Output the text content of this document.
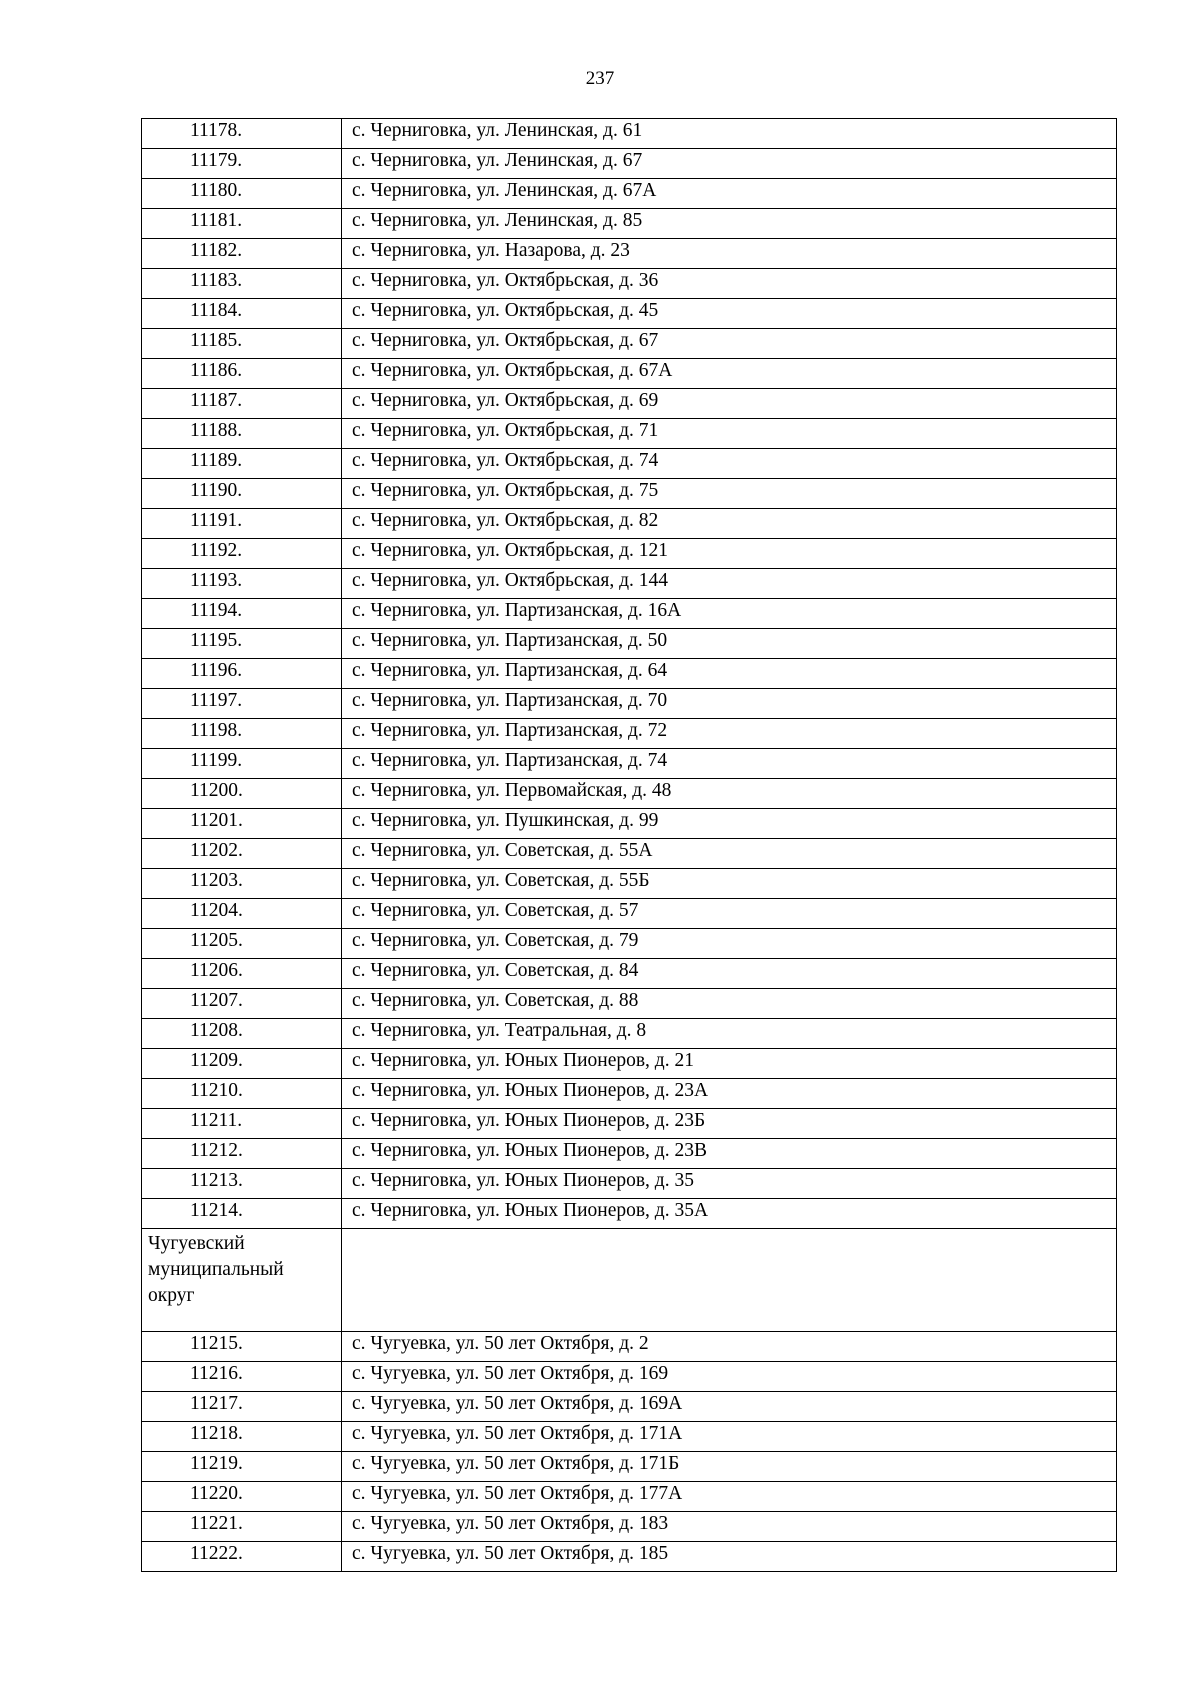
237
11178.	с. Черниговка, ул. Ленинская, д. 61
11179.	с. Черниговка, ул. Ленинская, д. 67
11180.	с. Черниговка, ул. Ленинская, д. 67А
11181.	с. Черниговка, ул. Ленинская, д. 85
11182.	с. Черниговка, ул. Назарова, д. 23
11183.	с. Черниговка, ул. Октябрьская, д. 36
11184.	с. Черниговка, ул. Октябрьская, д. 45
11185.	с. Черниговка, ул. Октябрьская, д. 67
11186.	с. Черниговка, ул. Октябрьская, д. 67А
11187.	с. Черниговка, ул. Октябрьская, д. 69
11188.	с. Черниговка, ул. Октябрьская, д. 71
11189.	с. Черниговка, ул. Октябрьская, д. 74
11190.	с. Черниговка, ул. Октябрьская, д. 75
11191.	с. Черниговка, ул. Октябрьская, д. 82
11192.	с. Черниговка, ул. Октябрьская, д. 121
11193.	с. Черниговка, ул. Октябрьская, д. 144
11194.	с. Черниговка, ул. Партизанская, д. 16А
11195.	с. Черниговка, ул. Партизанская, д. 50
11196.	с. Черниговка, ул. Партизанская, д. 64
11197.	с. Черниговка, ул. Партизанская, д. 70
11198.	с. Черниговка, ул. Партизанская, д. 72
11199.	с. Черниговка, ул. Партизанская, д. 74
11200.	с. Черниговка, ул. Первомайская, д. 48
11201.	с. Черниговка, ул. Пушкинская, д. 99
11202.	с. Черниговка, ул. Советская, д. 55А
11203.	с. Черниговка, ул. Советская, д. 55Б
11204.	с. Черниговка, ул. Советская, д. 57
11205.	с. Черниговка, ул. Советская, д. 79
11206.	с. Черниговка, ул. Советская, д. 84
11207.	с. Черниговка, ул. Советская, д. 88
11208.	с. Черниговка, ул. Театральная, д. 8
11209.	с. Черниговка, ул. Юных Пионеров, д. 21
11210.	с. Черниговка, ул. Юных Пионеров, д. 23А
11211.	с. Черниговка, ул. Юных Пионеров, д. 23Б
11212.	с. Черниговка, ул. Юных Пионеров, д. 23В
11213.	с. Черниговка, ул. Юных Пионеров, д. 35
11214.	с. Черниговка, ул. Юных Пионеров, д. 35А

Чугуевский
муниципальный
округ	

11215.	с. Чугуевка, ул. 50 лет Октября, д. 2
11216.	с. Чугуевка, ул. 50 лет Октября, д. 169
11217.	с. Чугуевка, ул. 50 лет Октября, д. 169А
11218.	с. Чугуевка, ул. 50 лет Октября, д. 171А
11219.	с. Чугуевка, ул. 50 лет Октября, д. 171Б
11220.	с. Чугуевка, ул. 50 лет Октября, д. 177А
11221.	с. Чугуевка, ул. 50 лет Октября, д. 183
11222.	с. Чугуевка, ул. 50 лет Октября, д. 185
